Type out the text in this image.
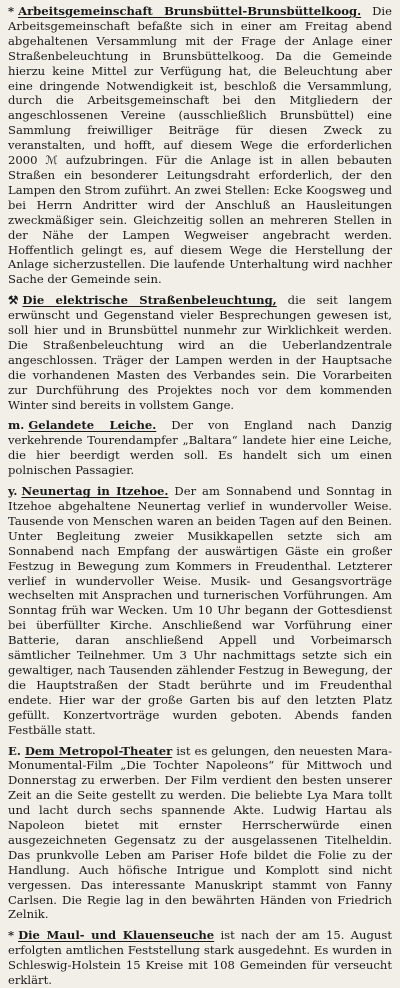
* Arbeitsgemeinschaft Brunsbüttel-Brunsbüttelkoog. Die Arbeitsgemeinschaft befaßte sich in einer am Freitag abend abgehaltenen Versammlung mit der Frage der Anlage einer Straßenbeleuchtung in Brunsbüttelkoog. Da die Gemeinde hierzu keine Mittel zur Verfügung hat, die Beleuchtung aber eine dringende Notwendigkeit ist, beschloß die Versammlung, durch die Arbeitsgemeinschaft bei den Mitgliedern der angeschlossenen Vereine (ausschließlich Brunsbüttel) eine Sammlung freiwilliger Beiträge für diesen Zweck zu veranstalten, und hofft, auf diesem Wege die erforderlichen 2000 ℳ aufzubringen. Für die Anlage ist in allen bebauten Straßen ein besonderer Leitungsdraht erforderlich, der den Lampen den Strom zuführt. An zwei Stellen: Ecke Koogsweg und bei Herrn Andritter wird der Anschluß an Hausleitungen zweckmäßiger sein. Gleichzeitig sollen an mehreren Stellen in der Nähe der Lampen Wegweiser angebracht werden. Hoffentlich gelingt es, auf diesem Wege die Herstellung der Anlage sicherzustellen. Die laufende Unterhaltung wird nachher Sache der Gemeinde sein.

⚒ Die elektrische Straßenbeleuchtung, die seit langem erwünscht und Gegenstand vieler Besprechungen gewesen ist, soll hier und in Brunsbüttel nunmehr zur Wirklichkeit werden. Die Straßenbeleuchtung wird an die Ueberlandzentrale angeschlossen. Träger der Lampen werden in der Hauptsache die vorhandenen Masten des Verbandes sein. Die Vorarbeiten zur Durchführung des Projektes noch vor dem kommenden Winter sind bereits in vollstem Gange.

m. Gelandete Leiche. Der von England nach Danzig verkehrende Tourendampfer „Baltara“ landete hier eine Leiche, die hier beerdigt werden soll. Es handelt sich um einen polnischen Passagier.

y. Neunertag in Itzehoe. Der am Sonnabend und Sonntag in Itzehoe abgehaltene Neunertag verlief in wundervoller Weise. Tausende von Menschen waren an beiden Tagen auf den Beinen. Unter Begleitung zweier Musikkapellen setzte sich am Sonnabend nach Empfang der auswärtigen Gäste ein großer Festzug in Bewegung zum Kommers in Freudenthal. Letzterer verlief in wundervoller Weise. Musik- und Gesangsvorträge wechselten mit Ansprachen und turnerischen Vorführungen. Am Sonntag früh war Wecken. Um 10 Uhr begann der Gottesdienst bei überfüllter Kirche. Anschließend war Vorführung einer Batterie, daran anschließend Appell und Vorbeimarsch sämtlicher Teilnehmer. Um 3 Uhr nachmittags setzte sich ein gewaltiger, nach Tausenden zählender Festzug in Bewegung, der die Hauptstraßen der Stadt berührte und im Freudenthal endete. Hier war der große Garten bis auf den letzten Platz gefüllt. Konzertvorträge wurden geboten. Abends fanden Festbälle statt.

E. Dem Metropol-Theater ist es gelungen, den neuesten Mara-Monumental-Film „Die Tochter Napoleons“ für Mittwoch und Donnerstag zu erwerben. Der Film verdient den besten unserer Zeit an die Seite gestellt zu werden. Die beliebte Lya Mara tollt und lacht durch sechs spannende Akte. Ludwig Hartau als Napoleon bietet mit ernster Herrscherwürde einen ausgezeichneten Gegensatz zu der ausgelassenen Titelheldin. Das prunkvolle Leben am Pariser Hofe bildet die Folie zu der Handlung. Auch höfische Intrigue und Komplott sind nicht vergessen. Das interessante Manuskript stammt von Fanny Carlsen. Die Regie lag in den bewährten Händen von Friedrich Zelnik.

* Die Maul- und Klauenseuche ist nach der am 15. August erfolgten amtlichen Feststellung stark ausgedehnt. Es wurden in Schleswig-Holstein 15 Kreise mit 108 Gemeinden für verseucht erklärt.
